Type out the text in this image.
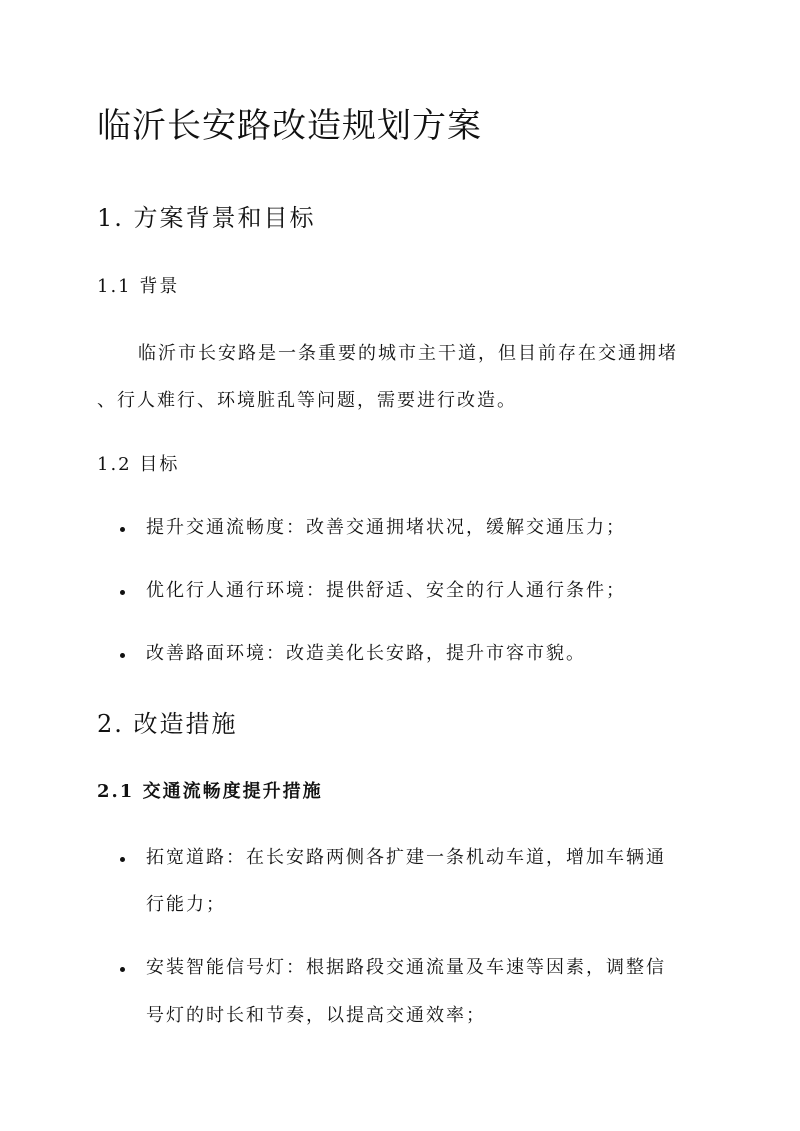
临沂长安路改造规划方案
1. 方案背景和目标
1.1 背景

临沂市长安路是一条重要的城市主干道，但目前存在交通拥堵

、行人难行、环境脏乱等问题，需要进行改造。

1.2 目标

提升交通流畅度：改善交通拥堵状况，缓解交通压力；

优化行人通行环境：提供舒适、安全的行人通行条件；

改善路面环境：改造美化长安路，提升市容市貌。

2. 改造措施
2.1 交通流畅度提升措施

拓宽道路：在长安路两侧各扩建一条机动车道，增加车辆通

行能力；

安装智能信号灯：根据路段交通流量及车速等因素，调整信

号灯的时长和节奏，以提高交通效率；
